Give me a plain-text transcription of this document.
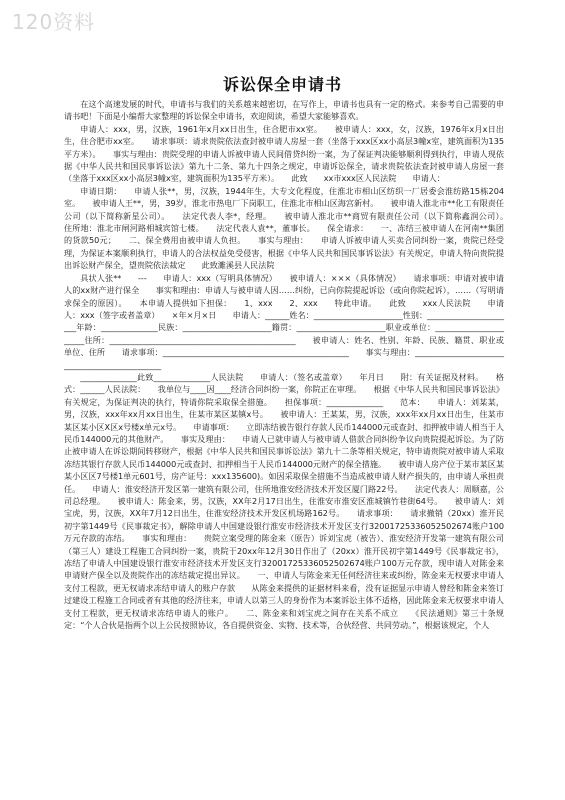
120资料
诉讼保全申请书

在这个高速发展的时代，申请书与我们的关系越来越密切，在写作上，申请书也具有一定的格式。来参考自己需要的申请书吧！下面是小编帮大家整理的诉讼保全申请书，欢迎阅读，希望大家能够喜欢。

申请人：xxx，男，汉族，1961年x月xx日出生，住合肥市xx室。　　被申请人：xxx，女，汉族，1976年x月x日出生，住合肥市xx室。　　请求事项：请求贵院依法查封被申请人房屋一套（坐落于xxx区xx小高层3幢x室，建筑面积为135平方米）。　　事实与理由：贵院受理的申请人诉被申请人民间借贷纠纷一案，为了保证判决能够顺利得到执行，申请人现依据《中华人民共和国民事诉讼法》第九十二条、第九十四条之规定，申请诉讼保全，请求贵院依法查封被申请人房屋一套（坐落于xxx区xx小高层3幢x室，建筑面积为135平方米）。　　此致　　xx市xxx区人民法院　　申请人：

申请日期：　　申请人张**，男，汉族，1944年生，大专文化程度，住淮北市相山区纺织一厂居委会淮纺路15栋204室。　　被申请人王**，男，39岁，淮北市热电厂下岗职工，住淮北市相山区海宫新村。　　被申请人淮北市**化工有限责任公司（以下简称新星公司）。　　法定代表人李*，经理。　　被申请人淮北市**商贸有限责任公司（以下简称鑫润公司）。　　住所地：淮北市闸河路相城宾馆七楼。　　法定代表人袁**，董事长。　　保全请求：　　一、冻结三被申请人在河南**集团的货款50元；　　二、保全费用由被申请人负担。　　事实与理由：　　申请人诉被申请人买卖合同纠纷一案，贵院已经受理，为保证本案顺利执行，申请人的合法权益免受侵害，根据《中华人民共和国民事诉讼法》有关规定，申请人特向贵院提出诉讼财产保全，望贵院依法裁定　　此致濉溪县人民法院

具状人张**　　---　　申请人：xxx（写明具体情况）　　被申请人：×××（具体情况）　　请求事项：申请对被申请人的xx财产进行保全　　事实和理由：申请人与被申请人因……纠纷，已向你院提起诉讼（或向你院起诉），……（写明请求保全的原因）。　　本申请人提供如下担保：　　1、xxx　　2、xxx　　特此申请。　　此致　　xxx人民法院　　申请人：xxx（签字或者盖章）　　×年×月×日　　申请人：______姓名：______________________性别：______________________年龄：______________民族：______________________籍贯：______________________职业或单位：______________________住所：______________________________________________　　被申请人：姓名、性别、年龄、民族、籍贯、职业或单位、住所　　请求事项：______________________________________________　　事实与理由：______________________________________________

______________此致______________人民法院　　申请人：（签名或盖章）　　年月日　　附：有关证据及材料。　　格式：______人民法院：　　我单位与____因____经济合同纠纷一案，你院正在审理。　　根据《中华人民共和国民事诉讼法》有关规定，为保证判决的执行，特请你院采取保全措施。　　担保事项：______________　　范本：　　申请人：刘某某，男，汉族，xxx年xx月xx日出生，住某市某区某镇x号。　　被申请人：王某某，男，汉族，xxx年xx月xx日出生，住某市某区某小区X区x号楼x单元x号。　　申请事项：　　立即冻结被告银行存款人民币144000元或查封、扣押被申请人相当于人民币144000元的其他财产。　　事实及理由：　　申请人已就申请人与被申请人借款合同纠纷争议向贵院提起诉讼。为了防止被申请人在诉讼期间转移财产，根据《中华人民共和国民事诉讼法》第九十二条等相关规定，特申请贵院对被申请人采取冻结其银行存款人民币144000元或查封、扣押相当于人民币144000元财产的保全措施。　　被申请人房产位于某市某区某某小区区7号楼1单元601号，房产证号：xxx135600)。如因采取保全措施不当造成被申请人财产损失的，由申请人承担责任。　　申请人：淮安经济开发区第一建筑有限公司，住所地淮安经济技术开发区厦门路22号。　　法定代表人：周顺嘉，公司总经理。　　被申请人：陈金来，男，汉族，XX年2月17日出生，住淮安市淮安区淮城镇竹巷街64号。　　被申请人：刘宝虎，男，汉族，XX年7月12日出生，住淮安经济技术开发区机场路162号。　　请求事项：　　请求撤销（20xx）淮开民初字第1449号《民事裁定书》，解除申请人中国建设银行淮安市经济技术开发区支行32001725336052502674账户100万元存款的冻结。　　事实和理由：　　贵院立案受理的陈金来（原告）诉刘宝虎（被告）、淮安经济开发第一建筑有限公司（第三人）建设工程施工合同纠纷一案，贵院于20xx年12月30日作出了（20xx）淮开民初字第1449号《民事裁定书》，冻结了申请人中国建设银行淮安市经济技术开发区支行32001725336052502674账户100万元存款，现申请人对陈金来申请财产保全以及贵院作出的冻结裁定提出异议。　　一、申请人与陈金来无任何经济往来或纠纷，陈金来无权要求申请人支付工程款，更无权请求冻结申请人的账户存款　　从陈金来提供的证据材料来看，没有证据显示申请人曾经和陈金来签订过建设工程施工合同或者有其他的经济往来，申请人以第三人的身份作为本案诉讼主体不适格，因此陈金来无权要求申请人支付工程款，更无权请求冻结申请人的账户。　　二、陈金来和刘宝虎之间存在关系不成立　　《民法通则》第三十条规定：“个人合伙是指两个以上公民按照协议，各自提供资金、实物、技术等，合伙经营、共同劳动。”，根据该规定，个人
